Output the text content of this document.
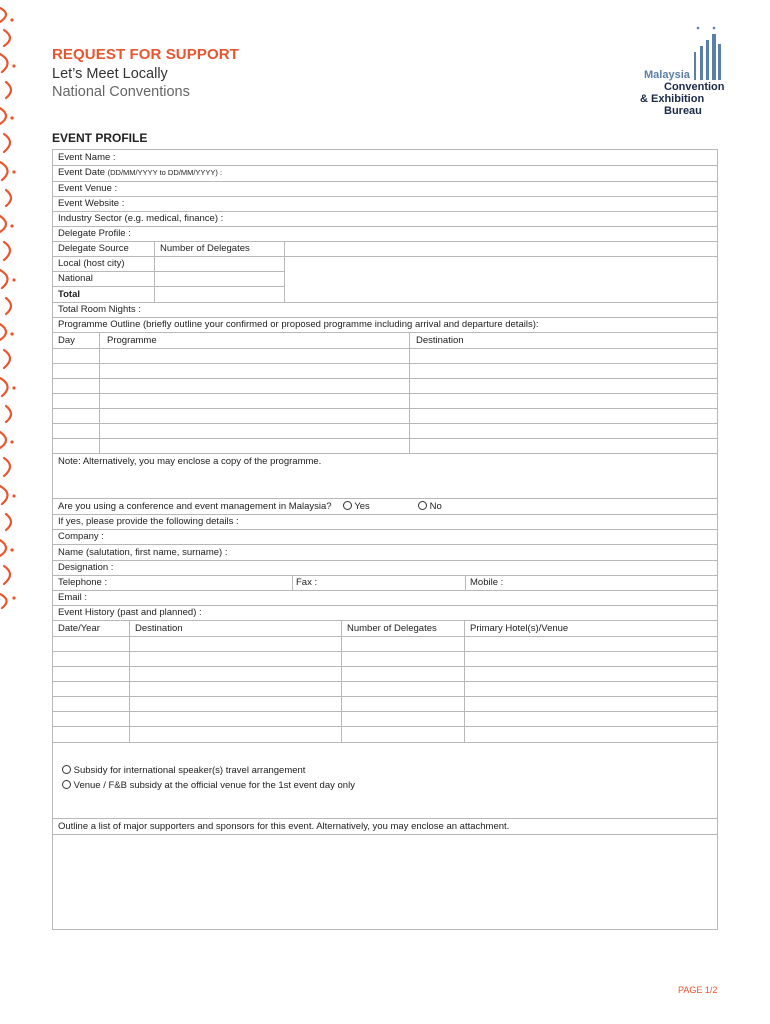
REQUEST FOR SUPPORT
Let’s Meet Locally
National Conventions
Malaysia
Convention
& Exhibition
Bureau
EVENT PROFILE
Event Name :
Event Date (DD/MM/YYYY to DD/MM/YYYY) :
Event Venue :
Event Website :
Industry Sector (e.g. medical, finance) :
Delegate Profile :
Delegate Source	Number of Delegates
Local (host city)
National
Total
Total Room Nights :
Programme Outline (briefly outline your confirmed or proposed programme including arrival and departure details):
Day	Programme	Destination
Note: Alternatively, you may enclose a copy of the programme.
Are you using a conference and event management in Malaysia? Yes	No
If yes, please provide the following details :
Company :
Name (salutation, first name, surname) :
Designation :
Telephone :	Fax :	Mobile :
Email :
Event History (past and planned) :
Date/Year	Destination	Number of Delegates	Primary Hotel(s)/Venue
Subsidy for international speaker(s) travel arrangement
Venue / F&B subsidy at the official venue for the 1st event day only
Outline a list of major supporters and sponsors for this event. Alternatively, you may enclose an attachment.
PAGE 1/2
